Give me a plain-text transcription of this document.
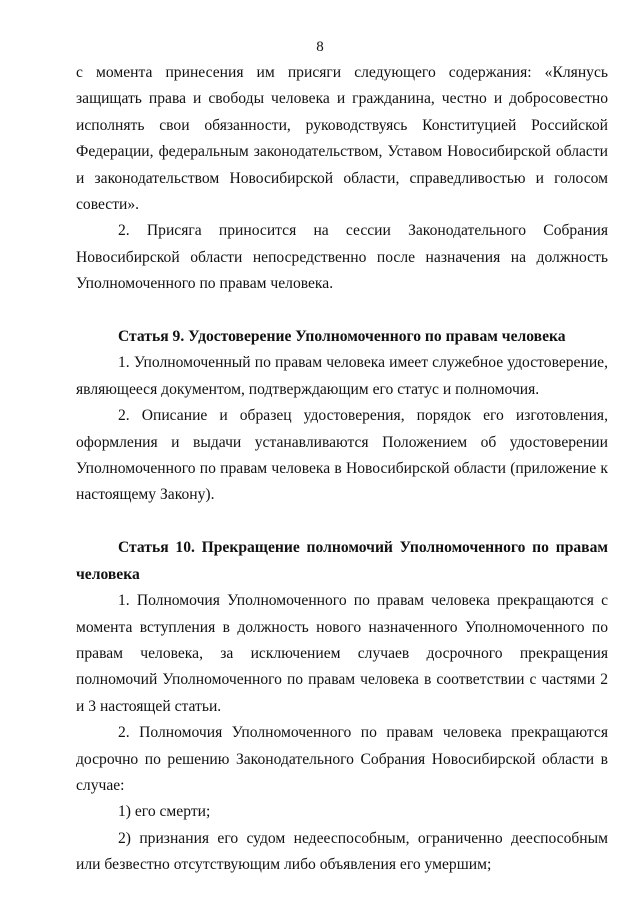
8

с момента принесения им присяги следующего содержания: «Клянусь защищать права и свободы человека и гражданина, честно и добросовестно исполнять свои обязанности, руководствуясь Конституцией Российской Федерации, федеральным законодательством, Уставом Новосибирской области и законодательством Новосибирской области, справедливостью и голосом совести».

2. Присяга приносится на сессии Законодательного Собрания Новосибирской области непосредственно после назначения на должность Уполномоченного по правам человека.

Статья 9. Удостоверение Уполномоченного по правам человека

1. Уполномоченный по правам человека имеет служебное удостоверение, являющееся документом, подтверждающим его статус и полномочия.

2. Описание и образец удостоверения, порядок его изготовления, оформления и выдачи устанавливаются Положением об удостоверении Уполномоченного по правам человека в Новосибирской области (приложение к настоящему Закону).

Статья 10. Прекращение полномочий Уполномоченного по правам человека

1. Полномочия Уполномоченного по правам человека прекращаются с момента вступления в должность нового назначенного Уполномоченного по правам человека, за исключением случаев досрочного прекращения полномочий Уполномоченного по правам человека в соответствии с частями 2 и 3 настоящей статьи.

2. Полномочия Уполномоченного по правам человека прекращаются досрочно по решению Законодательного Собрания Новосибирской области в случае:

1) его смерти;

2) признания его судом недееспособным, ограниченно дееспособным или безвестно отсутствующим либо объявления его умершим;
